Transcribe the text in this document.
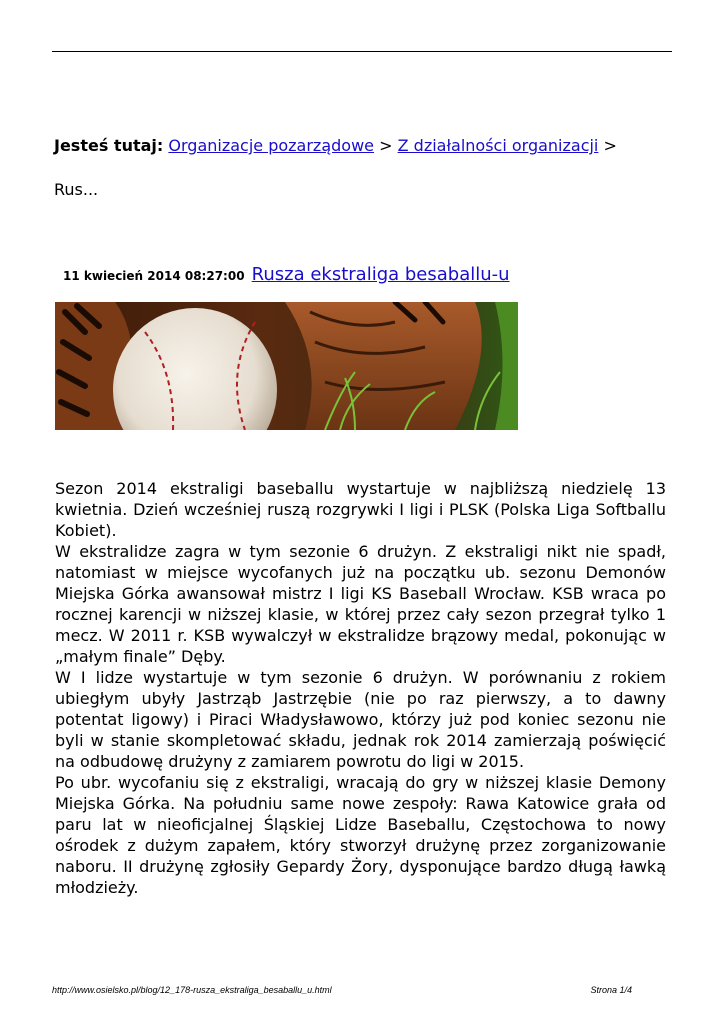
Jesteś tutaj: Organizacje pozarządowe > Z działalności organizacji >
Rus...
11 kwiecień 2014 08:27:00 Rusza ekstraliga besaballu-u

Sezon 2014 ekstraligi baseballu wystartuje w najbliższą niedzielę 13 kwietnia. Dzień wcześniej ruszą rozgrywki I ligi i PLSK (Polska Liga Softballu Kobiet).

W ekstralidze zagra w tym sezonie 6 drużyn. Z ekstraligi nikt nie spadł, natomiast w miejsce wycofanych już na początku ub. sezonu Demonów Miejska Górka awansował mistrz I ligi KS Baseball Wrocław. KSB wraca po rocznej karencji w niższej klasie, w której przez cały sezon przegrał tylko 1 mecz. W 2011 r. KSB wywalczył w ekstralidze brązowy medal, pokonując w „małym finale” Dęby.

W I lidze wystartuje w tym sezonie 6 drużyn. W porównaniu z rokiem ubiegłym ubyły Jastrząb Jastrzębie (nie po raz pierwszy, a to dawny potentat ligowy) i Piraci Władysławowo, którzy już pod koniec sezonu nie byli w stanie skompletować składu, jednak rok 2014 zamierzają poświęcić na odbudowę drużyny z zamiarem powrotu do ligi w 2015.

Po ubr. wycofaniu się z ekstraligi, wracają do gry w niższej klasie Demony Miejska Górka. Na południu same nowe zespoły: Rawa Katowice grała od paru lat w nieoficjalnej Śląskiej Lidze Baseballu, Częstochowa to nowy ośrodek z dużym zapałem, który stworzył drużynę przez zorganizowanie naboru. II drużynę zgłosiły Gepardy Żory, dysponujące bardzo długą ławką młodzieży.

http://www.osielsko.pl/blog/12_178-rusza_ekstraliga_besaballu_u.html	Strona 1/4
